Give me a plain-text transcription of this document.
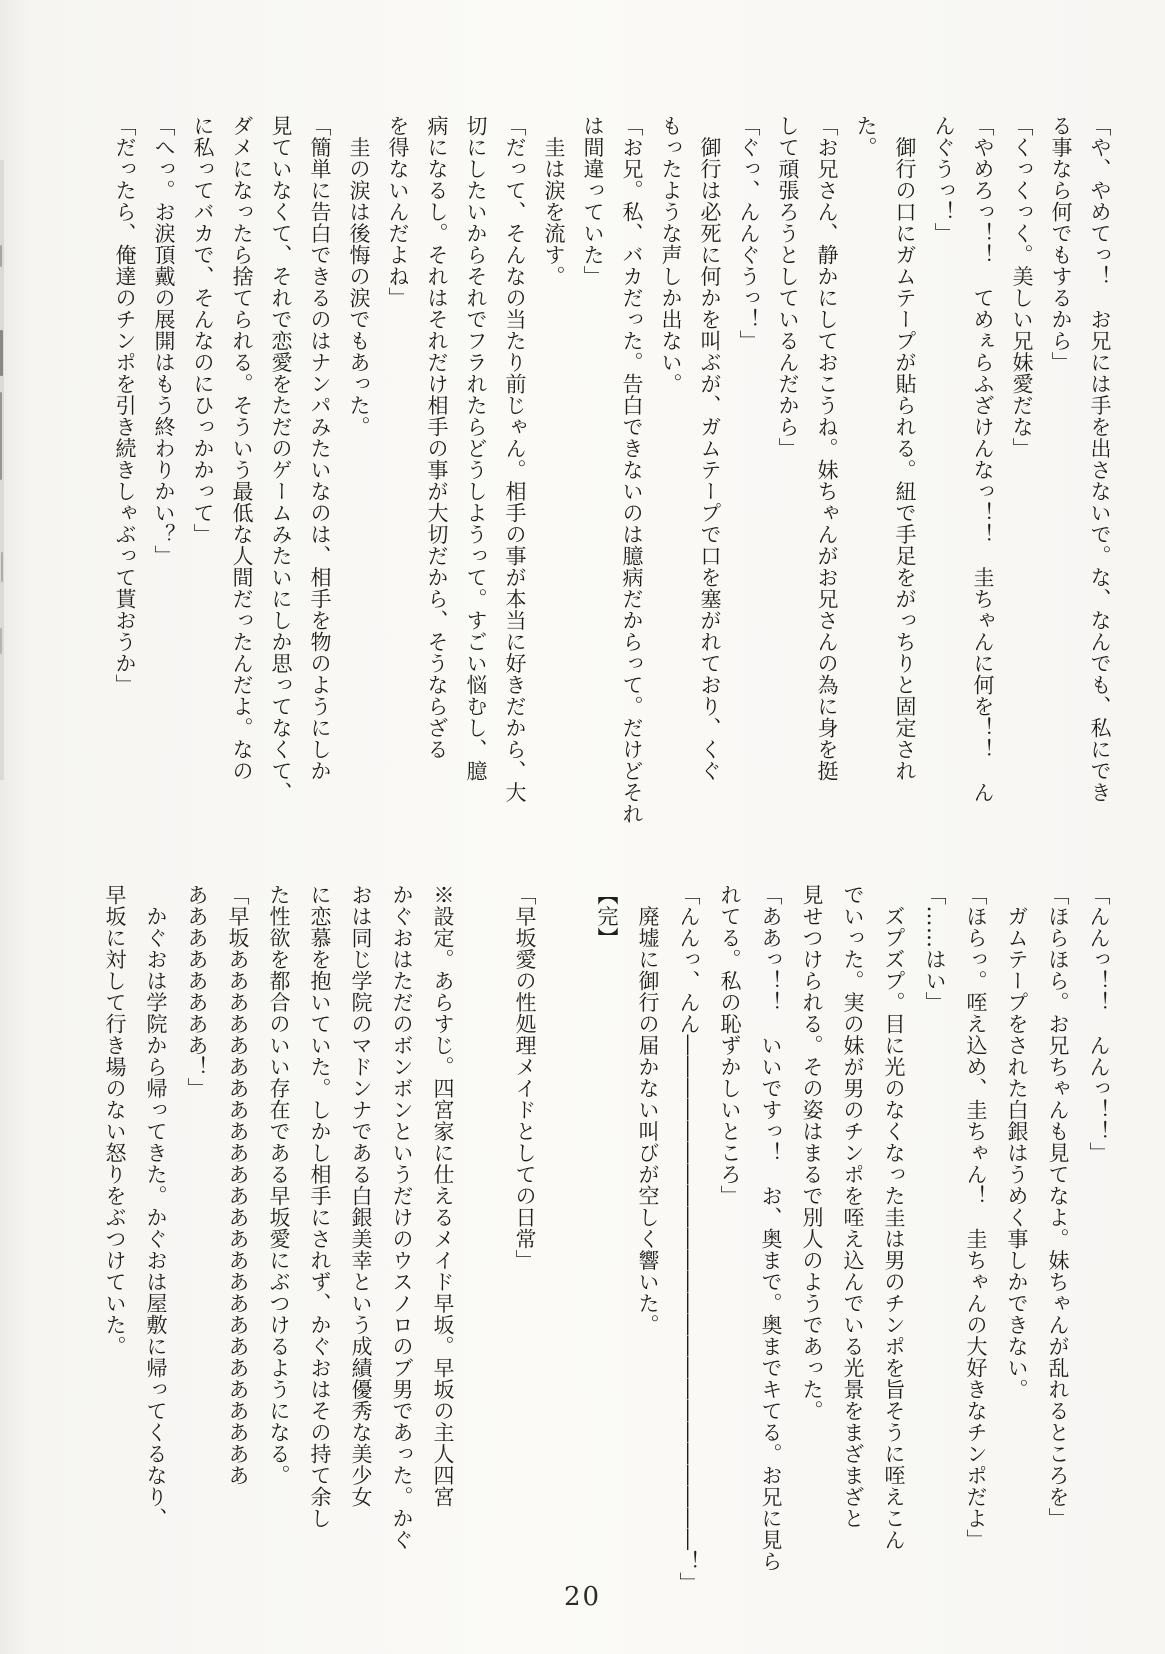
「や、やめてっ！　お兄には手を出さないで。な、なんでも、私にでき
る事なら何でもするから」
「くっくっく。美しい兄妹愛だな」
「やめろっ！！　てめぇらふざけんなっ！！　圭ちゃんに何を！！　ん
んぐうっ！」
　御行の口にガムテープが貼られる。紐で手足をがっちりと固定され
た。
「お兄さん、静かにしておこうね。妹ちゃんがお兄さんの為に身を挺
して頑張ろうとしているんだから」
「ぐっ、んんぐうっ！」
　御行は必死に何かを叫ぶが、ガムテープで口を塞がれており、くぐ
もったような声しか出ない。
「お兄。私、バカだった。告白できないのは臆病だからって。だけどそれ
は間違っていた」
　圭は涙を流す。
「だって、そんなの当たり前じゃん。相手の事が本当に好きだから、大
切にしたいからそれでフラれたらどうしようって。すごい悩むし、臆
病になるし。それはそれだけ相手の事が大切だから、そうならざる
を得ないんだよね」
　圭の涙は後悔の涙でもあった。
「簡単に告白できるのはナンパみたいなのは、相手を物のようにしか
見ていなくて、それで恋愛をただのゲームみたいにしか思ってなくて、
ダメになったら捨てられる。そういう最低な人間だったんだよ。なの
に私ってバカで、そんなのにひっかかって」
「へっ。お涙頂戴の展開はもう終わりかい？」
「だったら、俺達のチンポを引き続きしゃぶって貰おうか」
「んんっ！！　んんっ！！」
「ほらほら。お兄ちゃんも見てなよ。妹ちゃんが乱れるところを」
　ガムテープをされた白銀はうめく事しかできない。
「ほらっ。咥え込め、圭ちゃん！　圭ちゃんの大好きなチンポだよ」
「……はい」
　ズプズプ。目に光のなくなった圭は男のチンポを旨そうに咥えこん
でいった。実の妹が男のチンポを咥え込んでいる光景をまざまざと
見せつけられる。その姿はまるで別人のようであった。
「ああっ！！　いいですっ！　お、奥まで。奥までキてる。お兄に見ら
れてる。私の恥ずかしいところ」
「んんっ、んん――――――――――――――――――――――――！」
　廃墟に御行の届かない叫びが空しく響いた。
【完】

「早坂愛の性処理メイドとしての日常」

※設定。あらすじ。四宮家に仕えるメイド早坂。早坂の主人四宮
かぐおはただのボンボンというだけのウスノロのブ男であった。かぐ
おは同じ学院のマドンナである白銀美幸という成績優秀な美少女
に恋慕を抱いていた。しかし相手にされず、かぐおはその持て余し
た性欲を都合のいい存在である早坂愛にぶつけるようになる。
「早坂あああああああああああああああああああああああああ
ああああああああ！」
　かぐおは学院から帰ってきた。かぐおは屋敷に帰ってくるなり、
早坂に対して行き場のない怒りをぶつけていた。
20
